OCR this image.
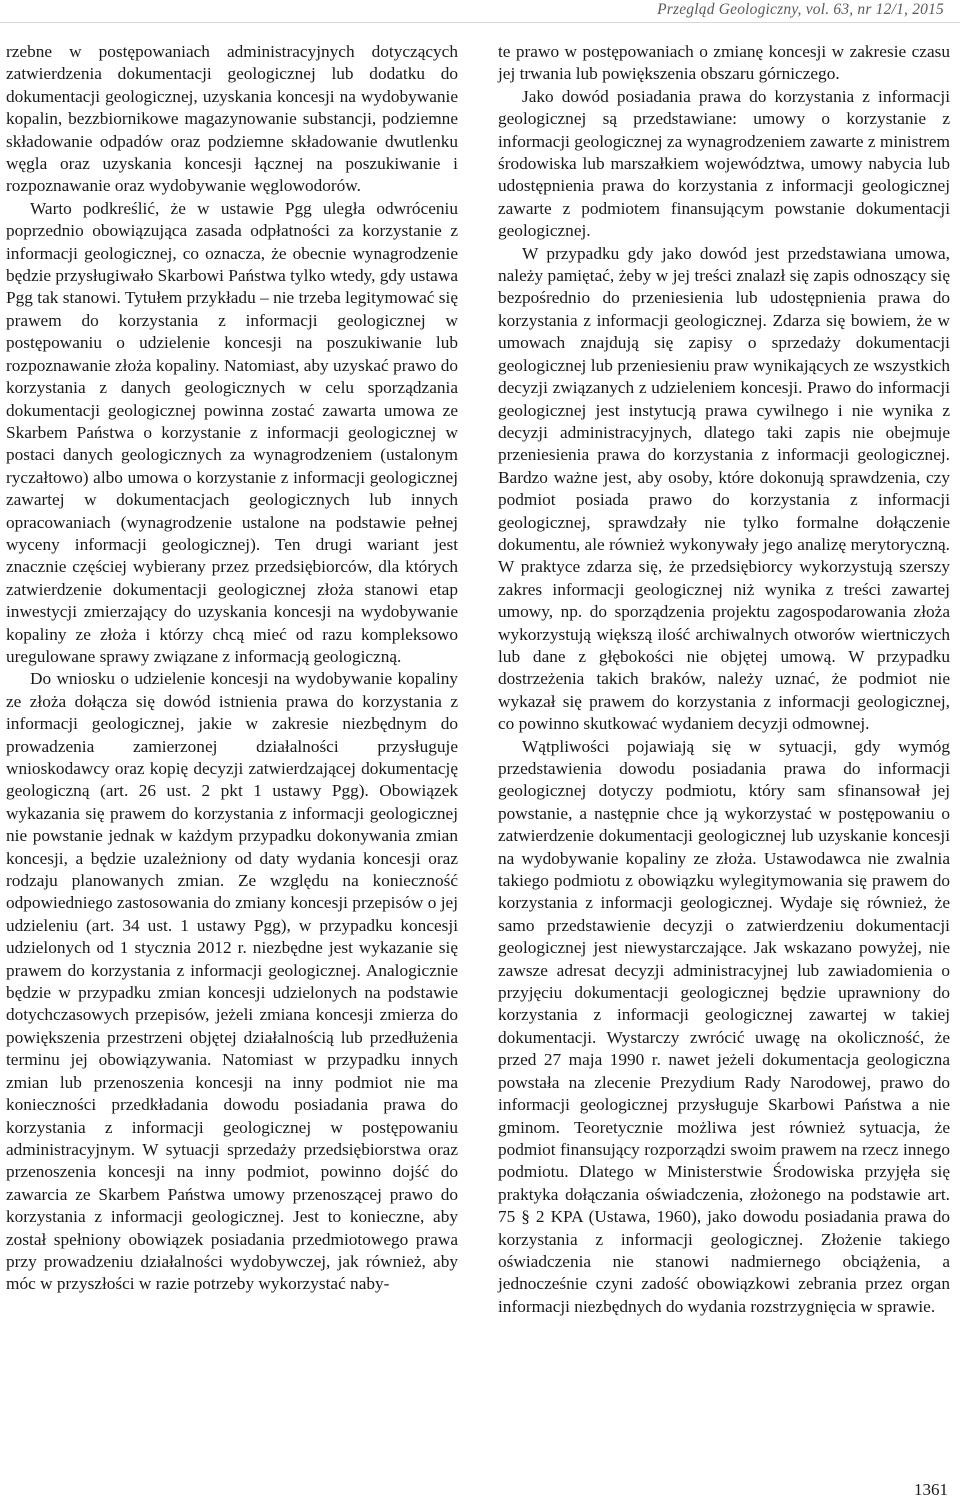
Przegląd Geologiczny, vol. 63, nr 12/1, 2015

rzebne w postępowaniach administracyjnych dotyczących zatwierdzenia dokumentacji geologicznej lub dodatku do dokumentacji geologicznej, uzyskania koncesji na wydobywanie kopalin, bezzbiornikowe magazynowanie substancji, podziemne składowanie odpadów oraz podziemne składowanie dwutlenku węgla oraz uzyskania koncesji łącznej na poszukiwanie i rozpoznawanie oraz wydobywanie węglowodorów.

Warto podkreślić, że w ustawie Pgg uległa odwróceniu poprzednio obowiązująca zasada odpłatności za korzystanie z informacji geologicznej, co oznacza, że obecnie wynagrodzenie będzie przysługiwało Skarbowi Państwa tylko wtedy, gdy ustawa Pgg tak stanowi. Tytułem przykładu – nie trzeba legitymować się prawem do korzystania z informacji geologicznej w postępowaniu o udzielenie koncesji na poszukiwanie lub rozpoznawanie złoża kopaliny. Natomiast, aby uzyskać prawo do korzystania z danych geologicznych w celu sporządzania dokumentacji geologicznej powinna zostać zawarta umowa ze Skarbem Państwa o korzystanie z informacji geologicznej w postaci danych geologicznych za wynagrodzeniem (ustalonym ryczałtowo) albo umowa o korzystanie z informacji geologicznej zawartej w dokumentacjach geologicznych lub innych opracowaniach (wynagrodzenie ustalone na podstawie pełnej wyceny informacji geologicznej). Ten drugi wariant jest znacznie częściej wybierany przez przedsiębiorców, dla których zatwierdzenie dokumentacji geologicznej złoża stanowi etap inwestycji zmierzający do uzyskania koncesji na wydobywanie kopaliny ze złoża i którzy chcą mieć od razu kompleksowo uregulowane sprawy związane z informacją geologiczną.

Do wniosku o udzielenie koncesji na wydobywanie kopaliny ze złoża dołącza się dowód istnienia prawa do korzystania z informacji geologicznej, jakie w zakresie niezbędnym do prowadzenia zamierzonej działalności przysługuje wnioskodawcy oraz kopię decyzji zatwierdzającej dokumentację geologiczną (art. 26 ust. 2 pkt 1 ustawy Pgg). Obowiązek wykazania się prawem do korzystania z informacji geologicznej nie powstanie jednak w każdym przypadku dokonywania zmian koncesji, a będzie uzależniony od daty wydania koncesji oraz rodzaju planowanych zmian. Ze względu na konieczność odpowiedniego zastosowania do zmiany koncesji przepisów o jej udzieleniu (art. 34 ust. 1 ustawy Pgg), w przypadku koncesji udzielonych od 1 stycznia 2012 r. niezbędne jest wykazanie się prawem do korzystania z informacji geologicznej. Analogicznie będzie w przypadku zmian koncesji udzielonych na podstawie dotychczasowych przepisów, jeżeli zmiana koncesji zmierza do powiększenia przestrzeni objętej działalnością lub przedłużenia terminu jej obowiązywania. Natomiast w przypadku innych zmian lub przenoszenia koncesji na inny podmiot nie ma konieczności przedkładania dowodu posiadania prawa do korzystania z informacji geologicznej w postępowaniu administracyjnym. W sytuacji sprzedaży przedsiębiorstwa oraz przenoszenia koncesji na inny podmiot, powinno dojść do zawarcia ze Skarbem Państwa umowy przenoszącej prawo do korzystania z informacji geologicznej. Jest to konieczne, aby został spełniony obowiązek posiadania przedmiotowego prawa przy prowadzeniu działalności wydobywczej, jak również, aby móc w przyszłości w razie potrzeby wykorzystać naby-

te prawo w postępowaniach o zmianę koncesji w zakresie czasu jej trwania lub powiększenia obszaru górniczego.

Jako dowód posiadania prawa do korzystania z informacji geologicznej są przedstawiane: umowy o korzystanie z informacji geologicznej za wynagrodzeniem zawarte z ministrem środowiska lub marszałkiem województwa, umowy nabycia lub udostępnienia prawa do korzystania z informacji geologicznej zawarte z podmiotem finansującym powstanie dokumentacji geologicznej.

W przypadku gdy jako dowód jest przedstawiana umowa, należy pamiętać, żeby w jej treści znalazł się zapis odnoszący się bezpośrednio do przeniesienia lub udostępnienia prawa do korzystania z informacji geologicznej. Zdarza się bowiem, że w umowach znajdują się zapisy o sprzedaży dokumentacji geologicznej lub przeniesieniu praw wynikających ze wszystkich decyzji związanych z udzieleniem koncesji. Prawo do informacji geologicznej jest instytucją prawa cywilnego i nie wynika z decyzji administracyjnych, dlatego taki zapis nie obejmuje przeniesienia prawa do korzystania z informacji geologicznej. Bardzo ważne jest, aby osoby, które dokonują sprawdzenia, czy podmiot posiada prawo do korzystania z informacji geologicznej, sprawdzały nie tylko formalne dołączenie dokumentu, ale również wykonywały jego analizę merytoryczną. W praktyce zdarza się, że przedsiębiorcy wykorzystują szerszy zakres informacji geologicznej niż wynika z treści zawartej umowy, np. do sporządzenia projektu zagospodarowania złoża wykorzystują większą ilość archiwalnych otworów wiertniczych lub dane z głębokości nie objętej umową. W przypadku dostrzeżenia takich braków, należy uznać, że podmiot nie wykazał się prawem do korzystania z informacji geologicznej, co powinno skutkować wydaniem decyzji odmownej.

Wątpliwości pojawiają się w sytuacji, gdy wymóg przedstawienia dowodu posiadania prawa do informacji geologicznej dotyczy podmiotu, który sam sfinansował jej powstanie, a następnie chce ją wykorzystać w postępowaniu o zatwierdzenie dokumentacji geologicznej lub uzyskanie koncesji na wydobywanie kopaliny ze złoża. Ustawodawca nie zwalnia takiego podmiotu z obowiązku wylegitymowania się prawem do korzystania z informacji geologicznej. Wydaje się również, że samo przedstawienie decyzji o zatwierdzeniu dokumentacji geologicznej jest niewystarczające. Jak wskazano powyżej, nie zawsze adresat decyzji administracyjnej lub zawiadomienia o przyjęciu dokumentacji geologicznej będzie uprawniony do korzystania z informacji geologicznej zawartej w takiej dokumentacji. Wystarczy zwrócić uwagę na okoliczność, że przed 27 maja 1990 r. nawet jeżeli dokumentacja geologiczna powstała na zlecenie Prezydium Rady Narodowej, prawo do informacji geologicznej przysługuje Skarbowi Państwa a nie gminom. Teoretycznie możliwa jest również sytuacja, że podmiot finansujący rozporządzi swoim prawem na rzecz innego podmiotu. Dlatego w Ministerstwie Środowiska przyjęła się praktyka dołączania oświadczenia, złożonego na podstawie art. 75 § 2 KPA (Ustawa, 1960), jako dowodu posiadania prawa do korzystania z informacji geologicznej. Złożenie takiego oświadczenia nie stanowi nadmiernego obciążenia, a jednocześnie czyni zadość obowiązkowi zebrania przez organ informacji niezbędnych do wydania rozstrzygnięcia w sprawie.

1361
